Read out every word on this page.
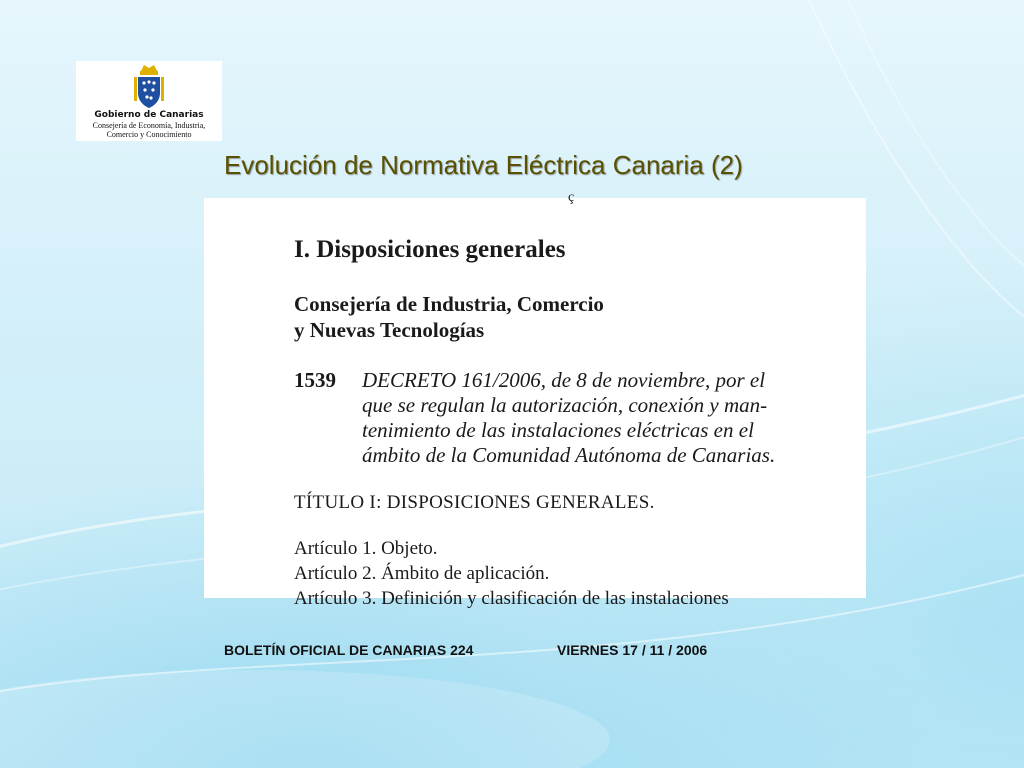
Gobierno de Canarias
Consejería de Economía, Industria,
Comercio y Conocimiento
Evolución de Normativa Eléctrica Canaria (2)
ç
I. Disposiciones generales
Consejería de Industria, Comercio
y Nuevas Tecnologías
1539 DECRETO 161/2006, de 8 de noviembre, por el
que se regulan la autorización, conexión y man-
tenimiento de las instalaciones eléctricas en el
ámbito de la Comunidad Autónoma de Canarias.
TÍTULO I: DISPOSICIONES GENERALES.
Artículo 1. Objeto.
Artículo 2. Ámbito de aplicación.
Artículo 3. Definición y clasificación de las instalaciones
BOLETÍN OFICIAL DE CANARIAS 224	VIERNES 17 / 11 / 2006
